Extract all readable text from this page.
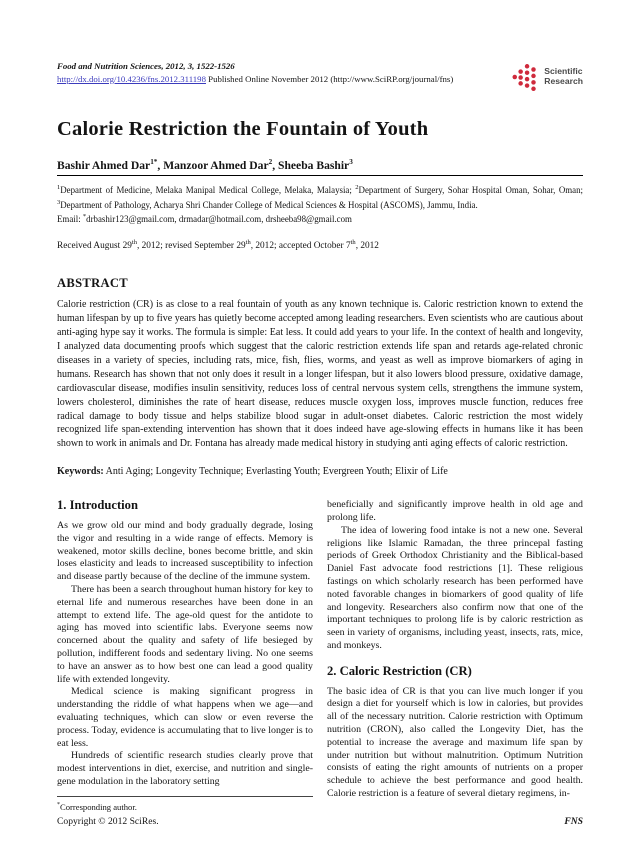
Food and Nutrition Sciences, 2012, 3, 1522-1526
http://dx.doi.org/10.4236/fns.2012.311198 Published Online November 2012 (http://www.SciRP.org/journal/fns)
Scientific
Research
Calorie Restriction the Fountain of Youth
Bashir Ahmed Dar$^{1*}$, Manzoor Ahmed Dar$^2$, Sheeba Bashir$^3$
$^1$Department of Medicine, Melaka Manipal Medical College, Melaka, Malaysia; $^2$Department of Surgery, Sohar Hospital Oman, Sohar, Oman; $^3$Department of Pathology, Acharya Shri Chander College of Medical Sciences & Hospital (ASCOMS), Jammu, India.
Email: *drbashir123@gmail.com, drmadar@hotmail.com, drsheeba98@gmail.com
Received August 29th, 2012; revised September 29th, 2012; accepted October 7th, 2012
ABSTRACT

Calorie restriction (CR) is as close to a real fountain of youth as any known technique is. Caloric restriction known to extend the human lifespan by up to five years has quietly become accepted among leading researchers. Even scientists who are cautious about anti-aging hype say it works. The formula is simple: Eat less. It could add years to your life. In the context of health and longevity, I analyzed data documenting proofs which suggest that the caloric restriction extends life span and retards age-related chronic diseases in a variety of species, including rats, mice, fish, flies, worms, and yeast as well as improve biomarkers of aging in humans. Research has shown that not only does it result in a longer lifespan, but it also lowers blood pressure, oxidative damage, cardiovascular disease, modifies insulin sensitivity, reduces loss of central nervous system cells, strengthens the immune system, lowers cholesterol, diminishes the rate of heart disease, reduces muscle oxygen loss, improves muscle function, reduces free radical damage to body tissue and helps stabilize blood sugar in adult-onset diabetes. Caloric restriction the most widely recognized life span-extending intervention has shown that it does indeed have age-slowing effects in humans like it has been shown to work in animals and Dr. Fontana has already made medical history in studying anti aging effects of caloric restriction.

Keywords: Anti Aging; Longevity Technique; Everlasting Youth; Evergreen Youth; Elixir of Life
1. Introduction

As we grow old our mind and body gradually degrade, losing the vigor and resulting in a wide range of effects. Memory is weakened, motor skills decline, bones become brittle, and skin loses elasticity and leads to increased susceptibility to infection and disease partly because of the decline of the immune system.

There has been a search throughout human history for key to eternal life and numerous researches have been done in an attempt to extend life. The age-old quest for the antidote to aging has moved into scientific labs. Everyone seems now concerned about the quality and safety of life besieged by pollution, indifferent foods and sedentary living. No one seems to have an answer as to how best one can lead a good quality life with extended longevity.

Medical science is making significant progress in understanding the riddle of what happens when we age—and evaluating techniques, which can slow or even reverse the process. Today, evidence is accumulating that to live longer is to eat less.

Hundreds of scientific research studies clearly prove that modest interventions in diet, exercise, and nutrition and single-gene modulation in the laboratory setting

*Corresponding author.

beneficially and significantly improve health in old age and prolong life.

The idea of lowering food intake is not a new one. Several religions like Islamic Ramadan, the three princepal fasting periods of Greek Orthodox Christianity and the Biblical-based Daniel Fast advocate food restrictions [1]. These religious fastings on which scholarly research has been performed have noted favorable changes in biomarkers of good quality of life and longevity. Researchers also confirm now that one of the important techniques to prolong life is by caloric restriction as seen in variety of organisms, including yeast, insects, rats, mice, and monkeys.

2. Caloric Restriction (CR)

The basic idea of CR is that you can live much longer if you design a diet for yourself which is low in calories, but provides all of the necessary nutrition. Calorie restriction with Optimum nutrition (CRON), also called the Longevity Diet, has the potential to increase the average and maximum life span by under nutrition but without malnutrition. Optimum Nutrition consists of eating the right amounts of nutrients on a proper schedule to achieve the best performance and good health. Calorie restriction is a feature of several dietary regimens, in-

Copyright © 2012 SciRes.	FNS
